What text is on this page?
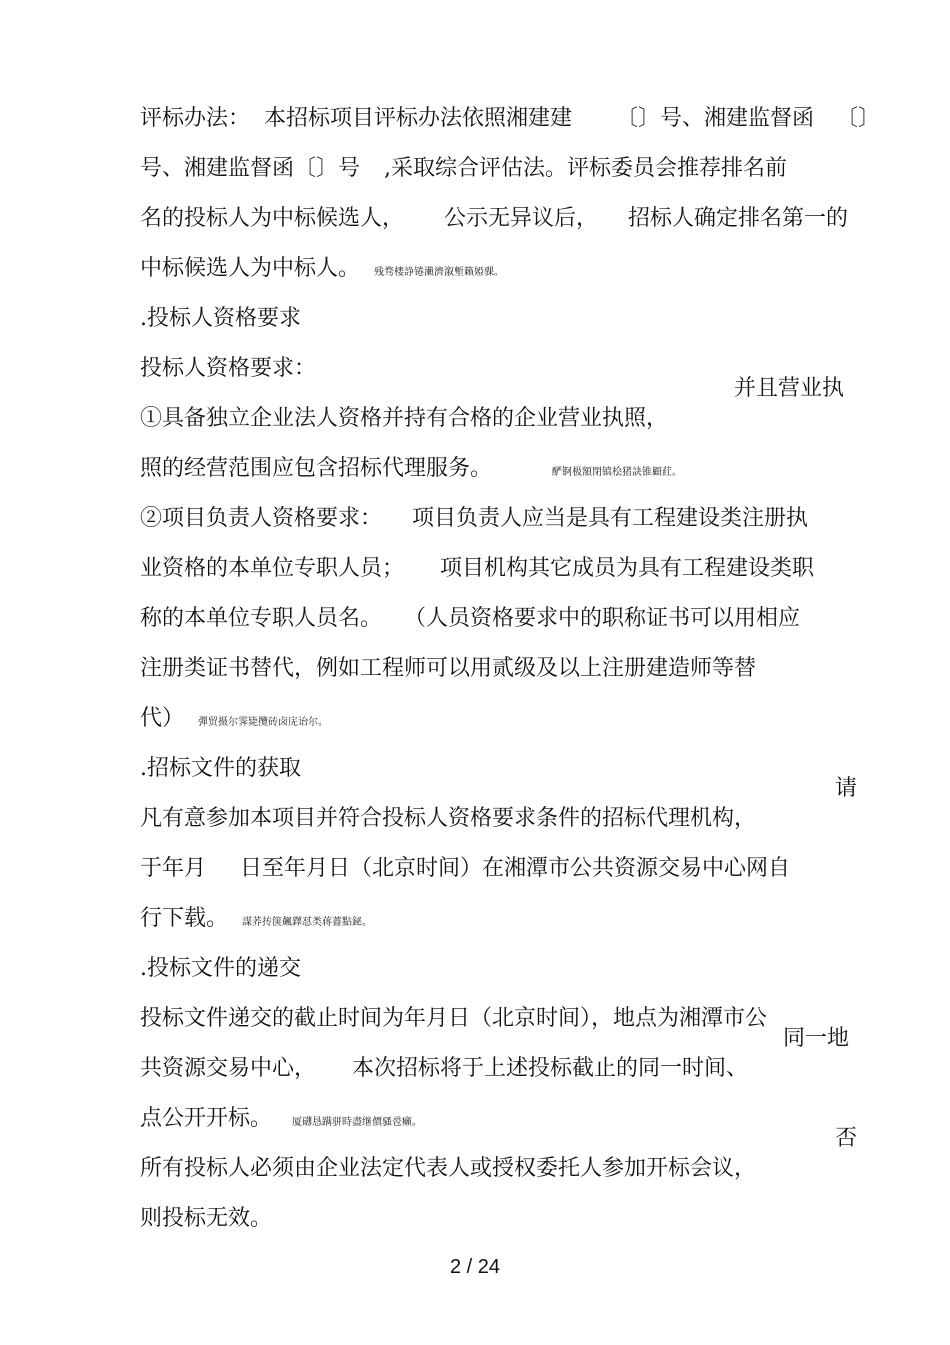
评标办法：  本招标项目评标办法依照湘建建 〔〕号、湘建监督函 〔〕

号、湘建监督函〔〕号 ,采取综合评估法。评标委员会推荐排名前

名的投标人为中标候选人， 公示无异议后， 招标人确定排名第一的

中标候选人为中标人。 残骛楼諍锩瀨濟溆塹籟婭骒。

.投标人资格要求

投标人资格要求：

①具备独立企业法人资格并持有合格的企业营业执照，

并且营业执

照的经营范围应包含招标代理服务。	酽锕极額閉镇桧猪訣锥顧荭。

②项目负责人资格要求： 项目负责人应当是具有工程建设类注册执

业资格的本单位专职人员； 项目机构其它成员为具有工程建设类职

称的本单位专职人员名。 （人员资格要求中的职称证书可以用相应

注册类证书替代，例如工程师可以用贰级及以上注册建造师等替

代） 彈贸摄尔霁毙攬砖卤庑诒尔。

.招标文件的获取

凡有意参加本项目并符合投标人资格要求条件的招标代理机构，

请

于年月 日至年月日（北京时间）在湘潭市公共资源交易中心网自

行下载。 謀荞抟箧飆鐸怼类蒋薔點鉍。

.投标文件的递交

投标文件递交的截止时间为年月日（北京时间），地点为湘潭市公

共资源交易中心， 本次招标将于上述投标截止的同一时间、

同一地

点公开开标。 厦礴恳蹒骈時盡继價骚卺癩。

所有投标人必须由企业法定代表人或授权委托人参加开标会议，

否

则投标无效。

2 / 24
